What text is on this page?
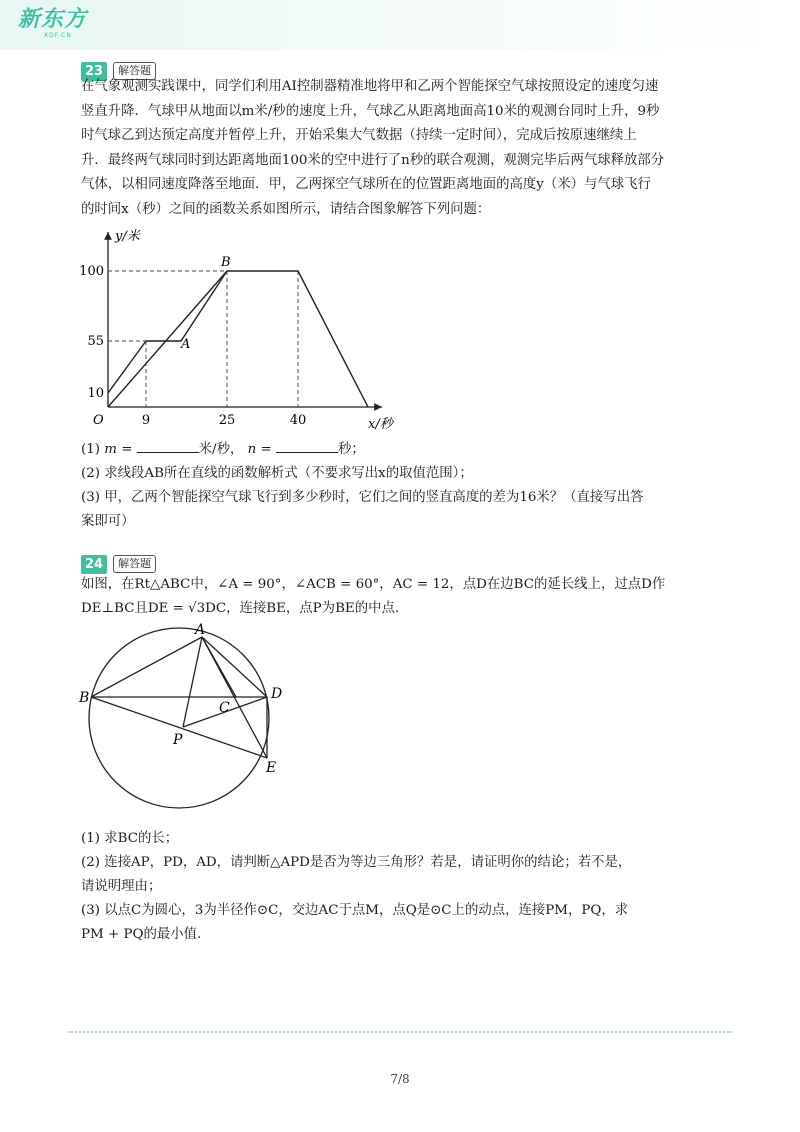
新东方
XDF.CN
23	解答题
在气象观测实践课中，同学们利用AI控制器精准地将甲和乙两个智能探空气球按照设定的速度匀速
竖直升降．气球甲从地面以m米/秒的速度上升，气球乙从距离地面高10米的观测台同时上升，9秒
时气球乙到达预定高度并暂停上升，开始采集大气数据（持续一定时间），完成后按原速继续上
升．最终两气球同时到达距离地面100米的空中进行了n秒的联合观测，观测完毕后两气球释放部分
气体，以相同速度降落至地面．甲，乙两探空气球所在的位置距离地面的高度y（米）与气球飞行
的时间x（秒）之间的函数关系如图所示，请结合图象解答下列问题：
y/米
x/秒
O
100
55
10
9	25	40
A
B
(1) m =	米/秒， n =	秒；
(2) 求线段AB所在直线的函数解析式（不要求写出x的取值范围）；
(3) 甲，乙两个智能探空气球飞行到多少秒时，它们之间的竖直高度的差为16米？（直接写出答
案即可）
24	解答题
如图，在Rt△ABC中，∠A = 90°，∠ACB = 60°，AC = 12，点D在边BC的延长线上，过点D作
DE⊥BC且DE = √3DC，连接BE，点P为BE的中点.
A
B
C
D
E
P
(1) 求BC的长；
(2) 连接AP，PD，AD，请判断△APD是否为等边三角形？若是，请证明你的结论；若不是，
请说明理由；
(3) 以点C为圆心，3为半径作⊙C，交边AC于点M，点Q是⊙C上的动点，连接PM，PQ，求
PM + PQ的最小值.
7/8
